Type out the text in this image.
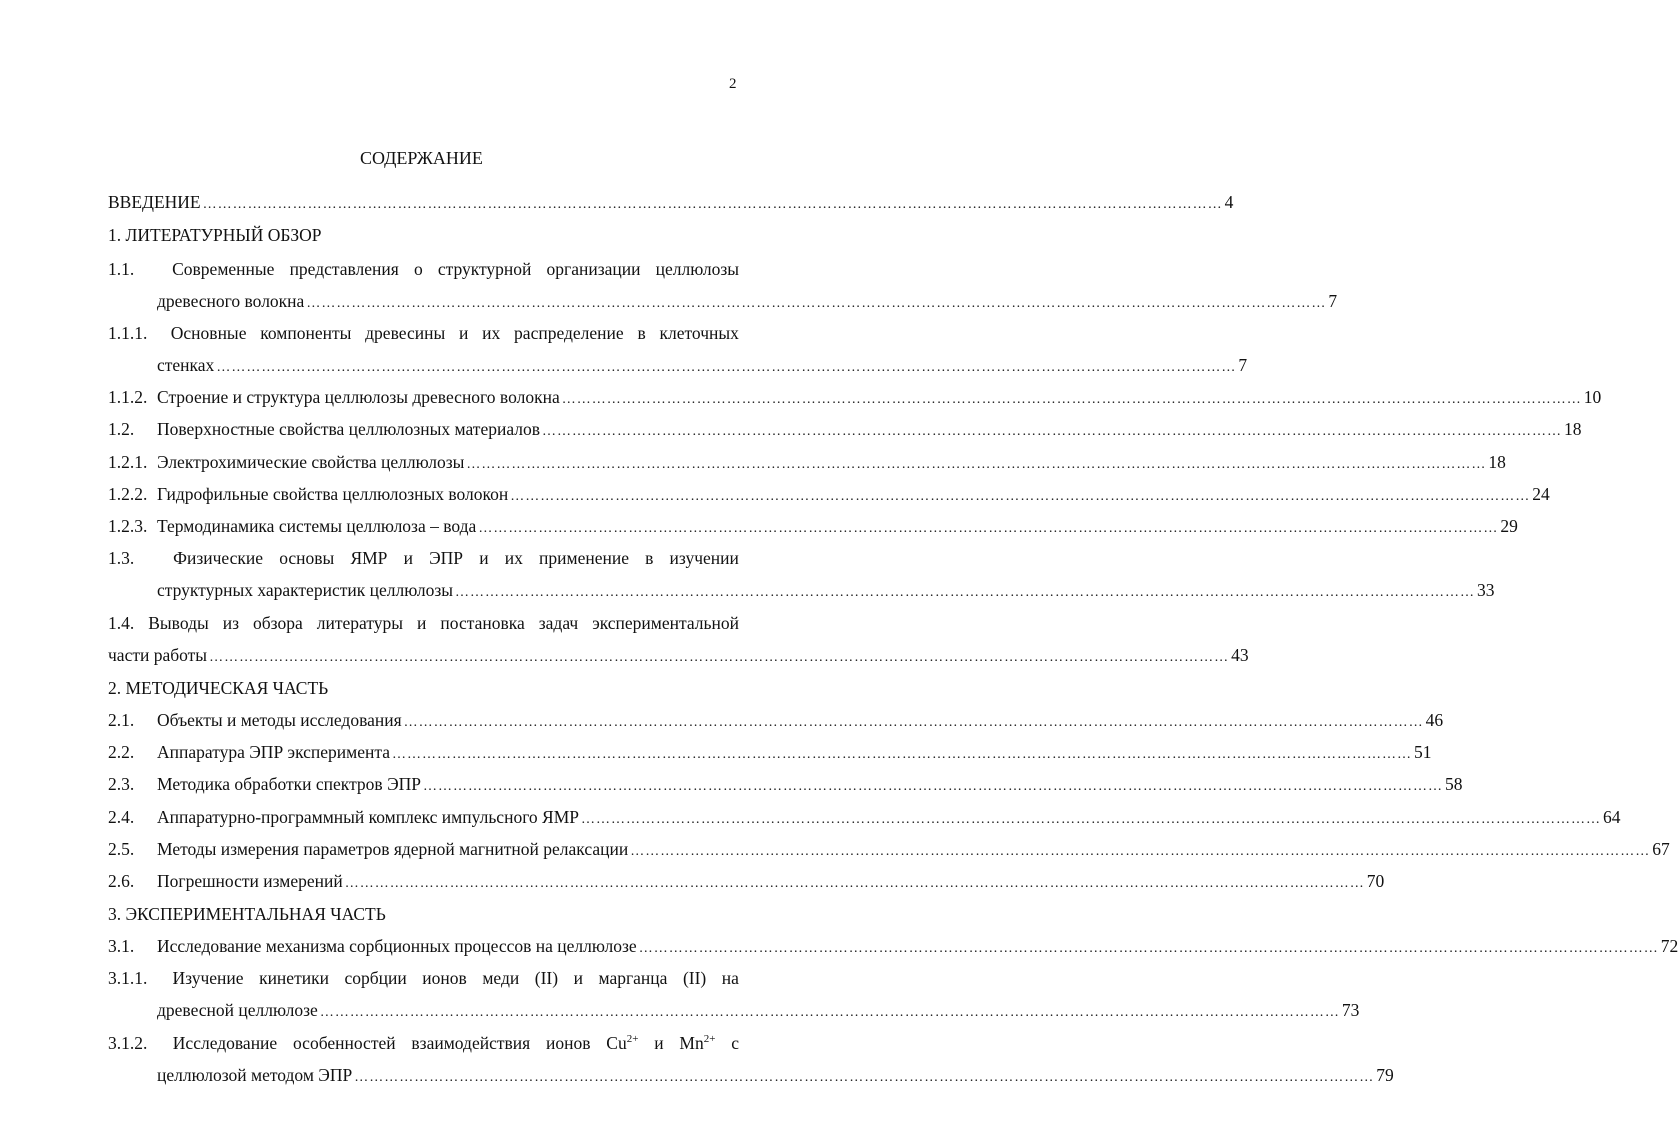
2
СОДЕРЖАНИЕ
ВВЕДЕНИЕ …………………………………………………………………………………………………………………………………………………………………………………… 4
1. ЛИТЕРАТУРНЫЙ ОБЗОР
1.1.	Современные представления о структурной организации целлюлозы
древесного волокна …………………………………………………………………………………………………………………………………………………………………………………… 7
1.1.1.	Основные компоненты древесины и их распределение в клеточных
стенках …………………………………………………………………………………………………………………………………………………………………………………… 7
1.1.2. Строение и структура целлюлозы древесного волокна …………………………………………………………………………………………………………………………………………………………………………………… 10
1.2.	Поверхностные свойства целлюлозных материалов …………………………………………………………………………………………………………………………………………………………………………………… 18
1.2.1. Электрохимические свойства целлюлозы …………………………………………………………………………………………………………………………………………………………………………………… 18
1.2.2. Гидрофильные свойства целлюлозных волокон …………………………………………………………………………………………………………………………………………………………………………………… 24
1.2.3. Термодинамика системы целлюлоза – вода …………………………………………………………………………………………………………………………………………………………………………………… 29
1.3.	Физические основы ЯМР и ЭПР и их применение в изучении
структурных характеристик целлюлозы …………………………………………………………………………………………………………………………………………………………………………………… 33
1.4. Выводы из обзора литературы и постановка задач экспериментальной
части работы …………………………………………………………………………………………………………………………………………………………………………………… 43
2. МЕТОДИЧЕСКАЯ ЧАСТЬ
2.1.	Объекты и методы исследования …………………………………………………………………………………………………………………………………………………………………………………… 46
2.2.	Аппаратура ЭПР эксперимента …………………………………………………………………………………………………………………………………………………………………………………… 51
2.3.	Методика обработки спектров ЭПР …………………………………………………………………………………………………………………………………………………………………………………… 58
2.4.	Аппаратурно-программный комплекс импульсного ЯМР …………………………………………………………………………………………………………………………………………………………………………………… 64
2.5.	Методы измерения параметров ядерной магнитной релаксации …………………………………………………………………………………………………………………………………………………………………………………… 67
2.6.	Погрешности измерений …………………………………………………………………………………………………………………………………………………………………………………… 70
3. ЭКСПЕРИМЕНТАЛЬНАЯ ЧАСТЬ
3.1.	Исследование механизма сорбционных процессов на целлюлозе …………………………………………………………………………………………………………………………………………………………………………………… 72
3.1.1.	Изучение кинетики сорбции ионов меди (II) и марганца (II) на
древесной целлюлозе …………………………………………………………………………………………………………………………………………………………………………………… 73
3.1.2.	Исследование особенностей взаимодействия ионов $Cu^{2+}$ и $Mn^{2+}$ с
целлюлозой методом ЭПР …………………………………………………………………………………………………………………………………………………………………………………… 79
